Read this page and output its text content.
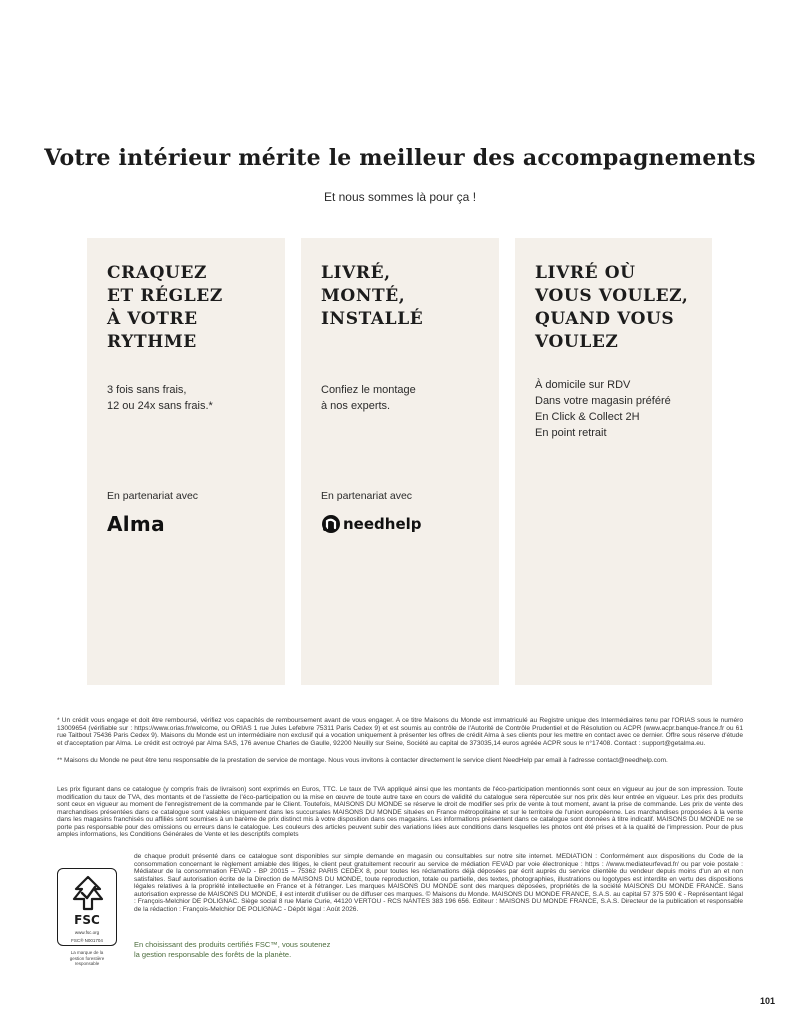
Votre intérieur mérite le meilleur des accompagnements
Et nous sommes là pour ça !
CRAQUEZ
ET RÉGLEZ
À VOTRE
RYTHME
3 fois sans frais,
12 ou 24x sans frais.*
En partenariat avec
Alma
LIVRÉ,
MONTÉ,
INSTALLÉ
Confiez le montage
à nos experts.
En partenariat avec
needhelp
LIVRÉ OÙ
VOUS VOULEZ,
QUAND VOUS
VOULEZ
À domicile sur RDV
Dans votre magasin préféré
En Click & Collect 2H
En point retrait
* Un crédit vous engage et doit être remboursé, vérifiez vos capacités de remboursement avant de vous engager. A ce titre Maisons du Monde est immatriculé au Registre unique des Intermédiaires tenu par l'ORIAS sous le numéro 13009654 (vérifiable sur : https://www.orias.fr/welcome, ou ORIAS 1 rue Jules Lefebvre 75311 Paris Cedex 9) et est soumis au contrôle de l'Autorité de Contrôle Prudentiel et de Résolution ou ACPR (www.acpr.banque-france.fr ou 61 rue Taitbout 75436 Paris Cedex 9). Maisons du Monde est un intermédiaire non exclusif qui a vocation uniquement à présenter les offres de crédit Alma à ses clients pour les mettre en contact avec ce dernier. Offre sous réserve d'étude et d'acceptation par Alma. Le crédit est octroyé par Alma SAS, 176 avenue Charles de Gaulle, 92200 Neuilly sur Seine, Société au capital de 373035,14 euros agréée ACPR sous le n°17408. Contact : support@getalma.eu.
** Maisons du Monde ne peut être tenu responsable de la prestation de service de montage. Nous vous invitons à contacter directement le service client NeedHelp par email à l'adresse contact@needhelp.com.
Les prix figurant dans ce catalogue (y compris frais de livraison) sont exprimés en Euros, TTC. Le taux de TVA appliqué ainsi que les montants de l'éco-participation mentionnés sont ceux en vigueur au jour de son impression. Toute modification du taux de TVA, des montants et de l'assiette de l'éco-participation ou la mise en œuvre de toute autre taxe en cours de validité du catalogue sera répercutée sur nos prix dès leur entrée en vigueur. Les prix des produits sont ceux en vigueur au moment de l'enregistrement de la commande par le Client. Toutefois, MAISONS DU MONDE se réserve le droit de modifier ses prix de vente à tout moment, avant la prise de commande. Les prix de vente des marchandises présentées dans ce catalogue sont valables uniquement dans les succursales MAISONS DU MONDE situées en France métropolitaine et sur le territoire de l'union européenne. Les marchandises proposées à la vente dans les magasins franchisés ou affiliés sont soumises à un barème de prix distinct mis à votre disposition dans ces magasins. Les informations présentent dans ce catalogue sont données à titre indicatif. MAISONS DU MONDE ne se porte pas responsable pour des omissions ou erreurs dans le catalogue. Les couleurs des articles peuvent subir des variations liées aux conditions dans lesquelles les photos ont été prises et à la qualité de l'impression. Pour de plus amples informations, les Conditions Générales de Vente et les descriptifs complets
de chaque produit présenté dans ce catalogue sont disponibles sur simple demande en magasin ou consultables sur notre site internet. MEDIATION : Conformément aux dispositions du Code de la consommation concernant le règlement amiable des litiges, le client peut gratuitement recourir au service de médiation FEVAD par voie électronique : https : //www.mediateurfevad.fr/ ou par voie postale : Médiateur de la consommation FEVAD - BP 20015 – 75362 PARIS CEDEX 8, pour toutes les réclamations déjà déposées par écrit auprès du service clientèle du vendeur depuis moins d'un an et non satisfaites. Sauf autorisation écrite de la Direction de MAISONS DU MONDE, toute reproduction, totale ou partielle, des textes, photographies, illustrations ou logotypes est interdite en vertu des dispositions légales relatives à la propriété intellectuelle en France et à l'étranger. Les marques MAISONS DU MONDE sont des marques déposées, propriétés de la société MAISONS DU MONDE FRANCE. Sans autorisation expresse de MAISONS DU MONDE, il est interdit d'utiliser ou de diffuser ces marques. © Maisons du Monde. MAISONS DU MONDE FRANCE, S.A.S. au capital 57 375 590 € - Représentant légal : François-Melchior DE POLIGNAC. Siège social 8 rue Marie Curie, 44120 VERTOU - RCS NANTES 383 196 656. Editeur : MAISONS DU MONDE FRANCE, S.A.S. Directeur de la publication et responsable de la rédaction : François-Melchior DE POLIGNAC - Dépôt légal : Août 2026.
FSC
www.fsc.org
FSC® N001704
La marque de la
gestion forestière
responsable
En choisissant des produits certifiés FSC™, vous soutenez
la gestion responsable des forêts de la planète.
101
